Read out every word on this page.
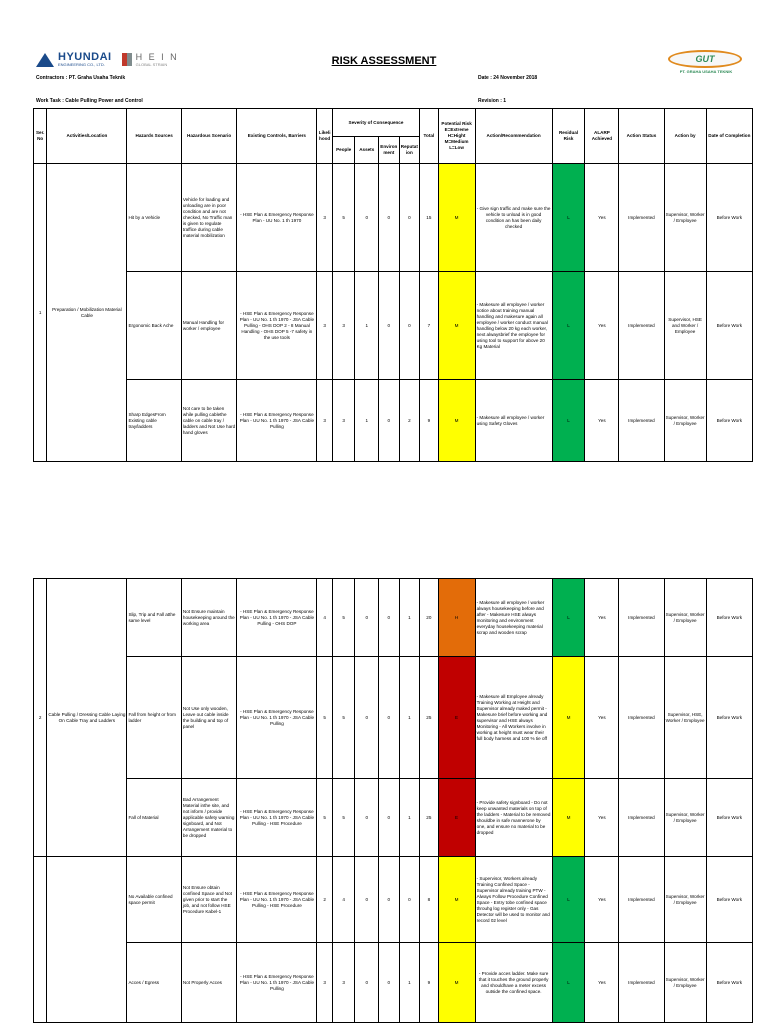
HYUNDAI
ENGINEERING CO., LTD.
H E I N
GLOBAL STRAIN	RISK ASSESSMENT	GUT
PT. GRAHA USAHA TEKNIK
Contractors : PT. Graha Usaha Teknik	Date : 24 November 2018
Work Task : Cable Pulling Power and Control	Revision : 1
Ser. No	Activities/Location	Hazards Sources	Hazardous Scenario	Existing Controls, Barriers	Likeli hood	Severity of Consequence				Total	Potential Risk E=Extreme H=Hight M=Medium L=Low	Action/Recommendation	Residual Risk	ALARP Achieved	Action Status	Action by	Date of Completion
						People	Assets	Environ ment	Reputat ion								
1	Preparation / Mobilization Material Cable	Hit by a Vehicle	Vehicle for loading and unloading are in poor condition and are not checked, No Traffic man is given to regulate traffice during cable material mobilization	- HSE Plan & Emergency Response Plan - UU No. 1 th 1970	3	5	0	0	0	15	M	- Give sign traffic and make sure the vehicle to unload is in good condition an has been daily checked	L	Yes	Implemented	Supervisor, Worker / Employee	Before Work
		Ergonomic Back Ache	Manual Handling for worker / employee	- HSE Plan & Emergency Response Plan - UU No. 1 th 1970 - JSA Cable Pulling - OHS DOP 2 - 8 Manual Handling - OHS DOP 5 -7 safety in the use tools	3	3	1	0	0	7	M	- Makesure all employee / worker notice about training manual handling and makesure again all employee / worker conduct manual handling below 20 kg each worker, next alwaysbrief the employee for using tool to support for above 20 Kg Material	L	Yes	Implemented	Supervisor, HSE and Worker / Employee	Before Work
		Sharp EdgesFrom Existing cable tray/ladders	Not care to be taken while pulling cablethe cable on cable tray / ladders and Not Use hard hand gloves	- HSE Plan & Emergency Response Plan - UU No. 1 th 1970 - JSA Cable Pulling	3	3	1	0	2	9	M	- Makesure all employee / worker using Safety Gloves	L	Yes	Implemented	Supervisor, Worker / Employee	Before Work
2	Cable Pulling / Dressing Cable Laying On Cable Tray and Ladders	Slip, Trip and Fall atthe same level	Not Ensure maintain housekeeping around the working area	- HSE Plan & Emergency Response Plan - UU No. 1 th 1970 - JSA Cable Pulling - OHS DOP	4	5	0	0	1	20	H	- Makesure all employee / worker always housekeeping before and after - Makesure HSE always monitoring and environment everyday housekeeping material scrap and wooden scrap	L	Yes	Implemented	Supervisor, Worker / Employee	Before Work
		Fall from height or from ladder	Not Use only wooden, Leave out cable inside the building and top of panel	- HSE Plan & Emergency Response Plan - UU No. 1 th 1970 - JSA Cable Pulling	5	5	0	0	1	25	E	- Makesure all Employee already Training Working at Height and Supervisor already maked permit - Makesure brief before working and supervisor and HSE always Monitoring - All Workers involve in working at height must wear their full body harness and 100 % tie off	M	Yes	Implemented	Supervisor, HSE, Worker / Employee	Before Work
		Fall of Material	Bad Arrangement Material inthe site, and not inform / provide applicable safety warning signboard, and Not Arrangement material to be dropped	- HSE Plan & Emergency Response Plan - UU No. 1 th 1970 - JSA Cable Pulling - HSE Procedure	5	5	0	0	1	25	E	- Provide safety signboard - Do not keep unwanted materials on top of the ladders - Material to be removed shouldbe in safe mannerone by one, and ensure no material to be dropped	M	Yes	Implemented	Supervisor, Worker / Employee	Before Work
		No Available confined space permit	Not Ensure obtain confined Space and Not given prior to start the job, and not follow HSE Procedure Kabel-1	- HSE Plan & Emergency Response Plan - UU No. 1 th 1970 - JSA Cable Pulling - HSE Procedure	2	4	0	0	0	8	M	- Supervisor, Workers already Training Confined Space - Supervisor already training PTW - Always Follow Procedure Confined Space - Entry tobe confined space throuhg log register only - Gas Detector will be used to monitor and record 02 level	L	Yes	Implemented	Supervisor, Worker / Employee	Before Work
		Acces / Egress	Not Properly Acces	- HSE Plan & Emergency Response Plan - UU No. 1 th 1970 - JSA Cable Pulling	3	3	0	0	1	9	M	- Provide acces ladder. Make sure that it touches the ground properly and shouldhave a meter excess outside the confined space.	L	Yes	Implemented	Supervisor, Worker / Employee	Before Work
